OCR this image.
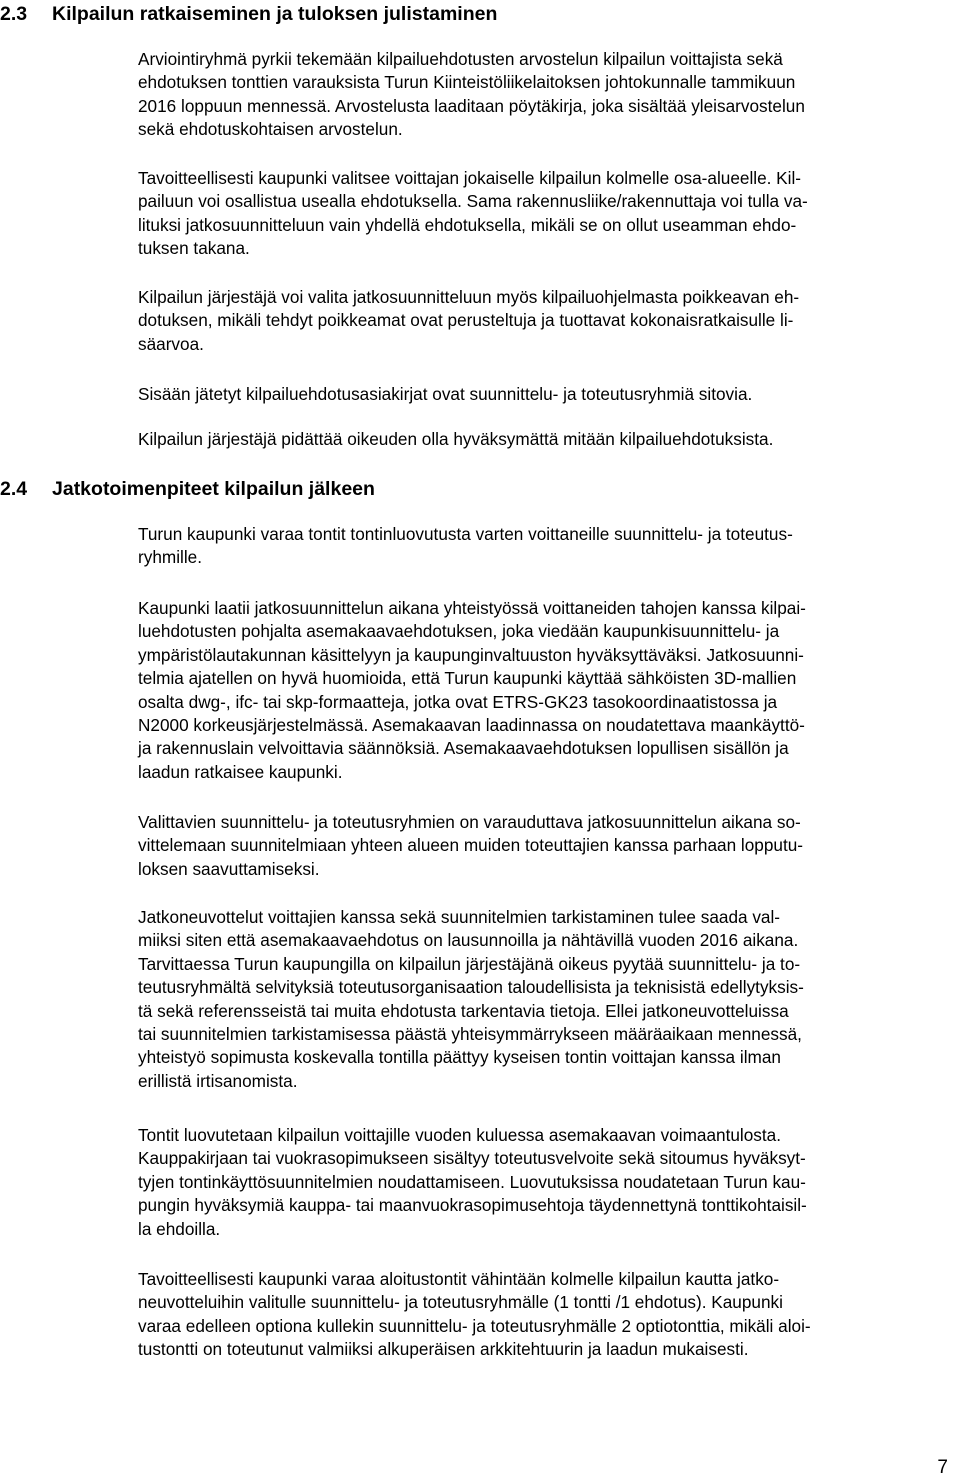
2.3 Kilpailun ratkaiseminen ja tuloksen julistaminen

Arviointiryhmä pyrkii tekemään kilpailuehdotusten arvostelun kilpailun voittajista sekä
ehdotuksen tonttien varauksista Turun Kiinteistöliikelaitoksen johtokunnalle tammikuun
2016 loppuun mennessä. Arvostelusta laaditaan pöytäkirja, joka sisältää yleisarvostelun
sekä ehdotuskohtaisen arvostelun.

Tavoitteellisesti kaupunki valitsee voittajan jokaiselle kilpailun kolmelle osa-alueelle. Kil-
pailuun voi osallistua usealla ehdotuksella. Sama rakennusliike/rakennuttaja voi tulla va-
lituksi jatkosuunnitteluun vain yhdellä ehdotuksella, mikäli se on ollut useamman ehdo-
tuksen takana.

Kilpailun järjestäjä voi valita jatkosuunnitteluun myös kilpailuohjelmasta poikkeavan eh-
dotuksen, mikäli tehdyt poikkeamat ovat perusteltuja ja tuottavat kokonaisratkaisulle li-
säarvoa.

Sisään jätetyt kilpailuehdotusasiakirjat ovat suunnittelu- ja toteutusryhmiä sitovia.

Kilpailun järjestäjä pidättää oikeuden olla hyväksymättä mitään kilpailuehdotuksista.

2.4 Jatkotoimenpiteet kilpailun jälkeen

Turun kaupunki varaa tontit tontinluovutusta varten voittaneille suunnittelu- ja toteutus-
ryhmille.

Kaupunki laatii jatkosuunnittelun aikana yhteistyössä voittaneiden tahojen kanssa kilpai-
luehdotusten pohjalta asemakaavaehdotuksen, joka viedään kaupunkisuunnittelu- ja
ympäristölautakunnan käsittelyyn ja kaupunginvaltuuston hyväksyttäväksi. Jatkosuunni-
telmia ajatellen on hyvä huomioida, että Turun kaupunki käyttää sähköisten 3D-mallien
osalta dwg-, ifc- tai skp-formaatteja, jotka ovat ETRS-GK23 tasokoordinaatistossa ja
N2000 korkeusjärjestelmässä. Asemakaavan laadinnassa on noudatettava maankäyttö-
ja rakennuslain velvoittavia säännöksiä. Asemakaavaehdotuksen lopullisen sisällön ja
laadun ratkaisee kaupunki.

Valittavien suunnittelu- ja toteutusryhmien on varauduttava jatkosuunnittelun aikana so-
vittelemaan suunnitelmiaan yhteen alueen muiden toteuttajien kanssa parhaan lopputu-
loksen saavuttamiseksi.

Jatkoneuvottelut voittajien kanssa sekä suunnitelmien tarkistaminen tulee saada val-
miiksi siten että asemakaavaehdotus on lausunnoilla ja nähtävillä vuoden 2016 aikana.
Tarvittaessa Turun kaupungilla on kilpailun järjestäjänä oikeus pyytää suunnittelu- ja to-
teutusryhmältä selvityksiä toteutusorganisaation taloudellisista ja teknisistä edellytyksis-
tä sekä referensseistä tai muita ehdotusta tarkentavia tietoja. Ellei jatkoneuvotteluissa
tai suunnitelmien tarkistamisessa päästä yhteisymmärrykseen määräaikaan mennessä,
yhteistyö sopimusta koskevalla tontilla päättyy kyseisen tontin voittajan kanssa ilman
erillistä irtisanomista.

Tontit luovutetaan kilpailun voittajille vuoden kuluessa asemakaavan voimaantulosta.
Kauppakirjaan tai vuokrasopimukseen sisältyy toteutusvelvoite sekä sitoumus hyväksyt-
tyjen tontinkäyttösuunnitelmien noudattamiseen. Luovutuksissa noudatetaan Turun kau-
pungin hyväksymiä kauppa- tai maanvuokrasopimusehtoja täydennettynä tonttikohtaisil-
la ehdoilla.

Tavoitteellisesti kaupunki varaa aloitustontit vähintään kolmelle kilpailun kautta jatko-
neuvotteluihin valitulle suunnittelu- ja toteutusryhmälle (1 tontti /1 ehdotus). Kaupunki
varaa edelleen optiona kullekin suunnittelu- ja toteutusryhmälle 2 optiotonttia, mikäli aloi-
tustontti on toteutunut valmiiksi alkuperäisen arkkitehtuurin ja laadun mukaisesti.

7
